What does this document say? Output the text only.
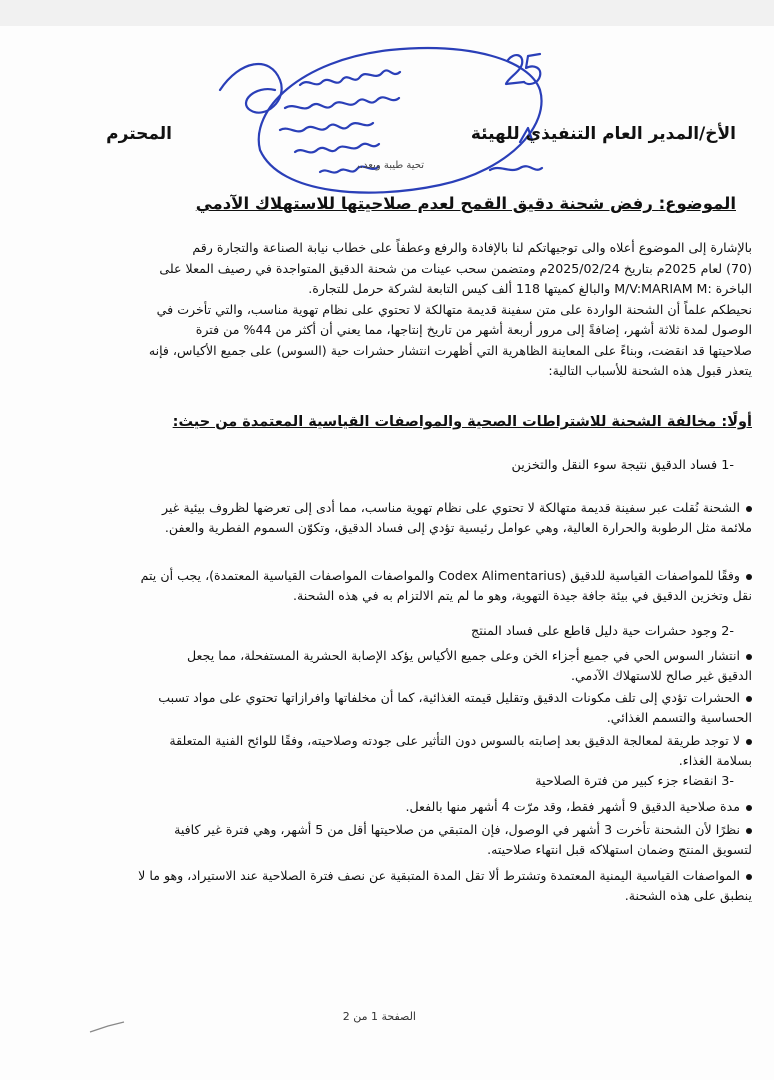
الأخ/المدير العام التنفيذي للهيئة
المحترم
تحية طيبة وبعد،،
الموضوع: رفض شحنة دقيق القمح لعدم صلاحيتها للاستهلاك الآدمي
بالإشارة إلى الموضوع أعلاه والى توجيهاتكم لنا بالإفادة والرفع وعطفاً على خطاب نيابة الصناعة والتجارة رقم
(70) لعام 2025م بتاريخ 2025/02/24م ومتضمن سحب عينات من شحنة الدقيق المتواجدة في رصيف المعلا على
الباخرة :M/V:MARIAM M والبالغ كميتها 118 ألف كيس التابعة لشركة حرمل للتجارة.
نحيطكم علماً أن الشحنة الواردة على متن سفينة قديمة متهالكة لا تحتوي على نظام تهوية مناسب، والتي تأخرت في
الوصول لمدة ثلاثة أشهر، إضافةً إلى مرور أربعة أشهر من تاريخ إنتاجها، مما يعني أن أكثر من 44% من فترة
صلاحيتها قد انقضت، وبناءً على المعاينة الظاهرية التي أظهرت انتشار حشرات حية (السوس) على جميع الأكياس، فإنه
يتعذر قبول هذه الشحنة للأسباب التالية:
أولًا: مخالفة الشحنة للاشتراطات الصحية والمواصفات القياسية المعتمدة من حيث:
-1 فساد الدقيق نتيجة سوء النقل والتخزين
الشحنة نُقلت عبر سفينة قديمة متهالكة لا تحتوي على نظام تهوية مناسب، مما أدى إلى تعرضها لظروف بيئية غير
ملائمة مثل الرطوبة والحرارة العالية، وهي عوامل رئيسية تؤدي إلى فساد الدقيق، وتكوّن السموم الفطرية والعفن.
وفقًا للمواصفات القياسية للدقيق (Codex Alimentarius والمواصفات المواصفات القياسية المعتمدة)، يجب أن يتم
نقل وتخزين الدقيق في بيئة جافة جيدة التهوية، وهو ما لم يتم الالتزام به في هذه الشحنة.
-2 وجود حشرات حية دليل قاطع على فساد المنتج
انتشار السوس الحي في جميع أجزاء الخن وعلى جميع الأكياس يؤكد الإصابة الحشرية المستفحلة، مما يجعل
الدقيق غير صالح للاستهلاك الآدمي.
الحشرات تؤدي إلى تلف مكونات الدقيق وتقليل قيمته الغذائية، كما أن مخلفاتها وافرازاتها تحتوي على مواد تسبب
الحساسية والتسمم الغذائي.
لا توجد طريقة لمعالجة الدقيق بعد إصابته بالسوس دون التأثير على جودته وصلاحيته، وفقًا للوائح الفنية المتعلقة
بسلامة الغذاء.
-3 انقضاء جزء كبير من فترة الصلاحية
مدة صلاحية الدقيق 9 أشهر فقط، وقد مرّت 4 أشهر منها بالفعل.
نظرًا لأن الشحنة تأخرت 3 أشهر في الوصول، فإن المتبقي من صلاحيتها أقل من 5 أشهر، وهي فترة غير كافية
لتسويق المنتج وضمان استهلاكه قبل انتهاء صلاحيته.
المواصفات القياسية اليمنية المعتمدة وتشترط ألا تقل المدة المتبقية عن نصف فترة الصلاحية عند الاستيراد، وهو ما لا
ينطبق على هذه الشحنة.
الصفحة 1 من 2
